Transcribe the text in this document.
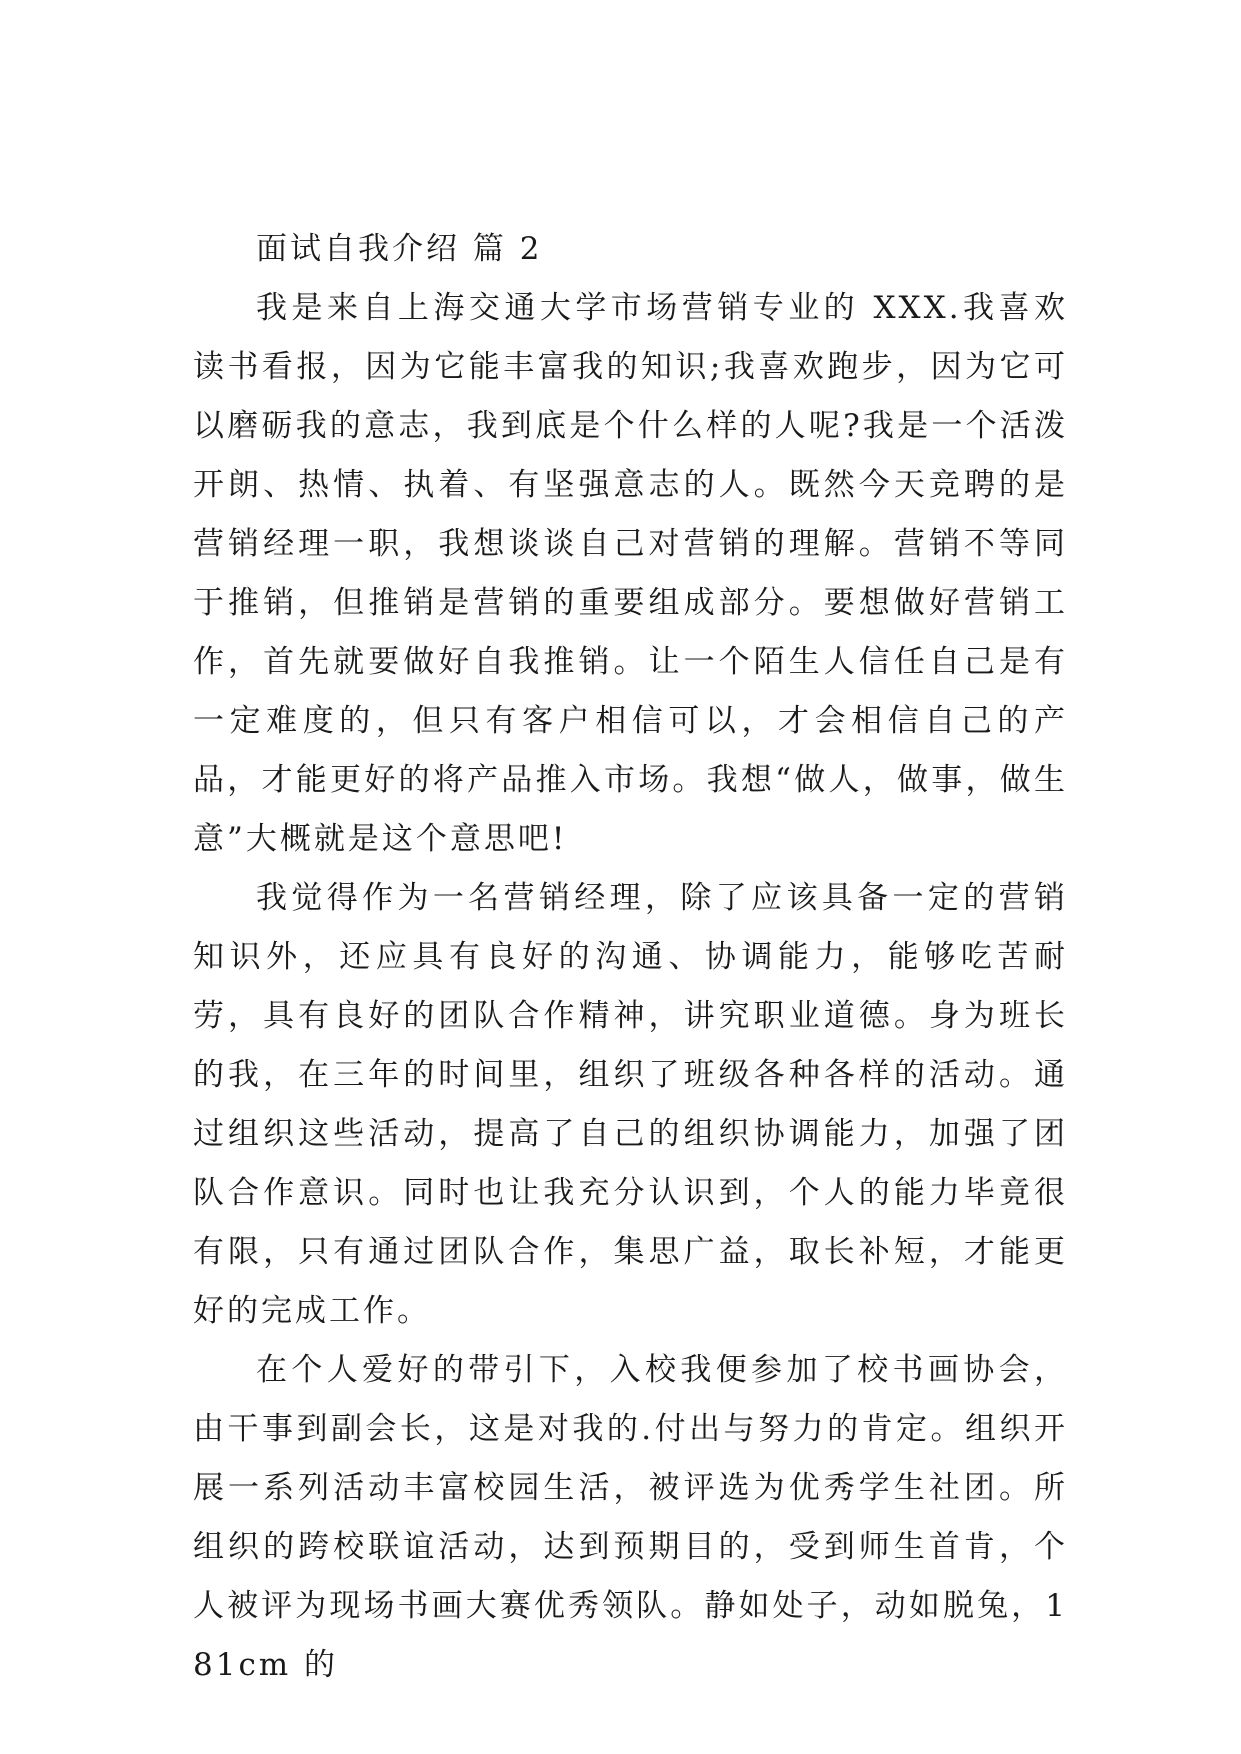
面试自我介绍 篇 2

我是来自上海交通大学市场营销专业的 XXX.我喜欢读书看报，因为它能丰富我的知识;我喜欢跑步，因为它可以磨砺我的意志，我到底是个什么样的人呢?我是一个活泼开朗、热情、执着、有坚强意志的人。既然今天竞聘的是营销经理一职，我想谈谈自己对营销的理解。营销不等同于推销，但推销是营销的重要组成部分。要想做好营销工作，首先就要做好自我推销。让一个陌生人信任自己是有一定难度的，但只有客户相信可以，才会相信自己的产品，才能更好的将产品推入市场。我想“做人，做事，做生意”大概就是这个意思吧!

我觉得作为一名营销经理，除了应该具备一定的营销知识外，还应具有良好的沟通、协调能力，能够吃苦耐劳，具有良好的团队合作精神，讲究职业道德。身为班长的我，在三年的时间里，组织了班级各种各样的活动。通过组织这些活动，提高了自己的组织协调能力，加强了团队合作意识。同时也让我充分认识到，个人的能力毕竟很有限，只有通过团队合作，集思广益，取长补短，才能更好的完成工作。

在个人爱好的带引下，入校我便参加了校书画协会，由干事到副会长，这是对我的.付出与努力的肯定。组织开展一系列活动丰富校园生活，被评选为优秀学生社团。所组织的跨校联谊活动，达到预期目的，受到师生首肯，个人被评为现场书画大赛优秀领队。静如处子，动如脱兔，181cm 的
